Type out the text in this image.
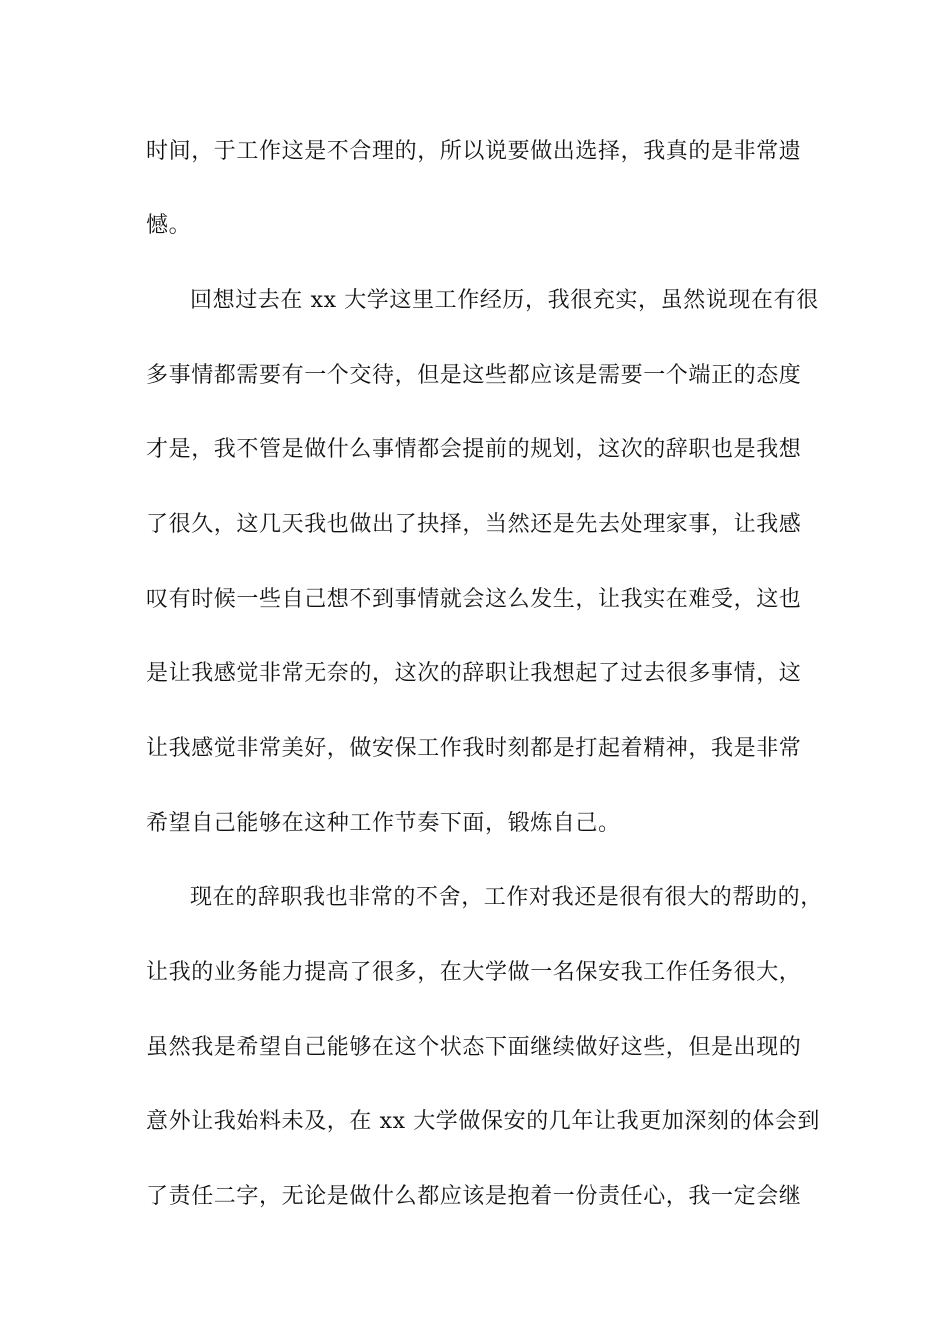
时间，于工作这是不合理的，所以说要做出选择，我真的是非常遗
憾。
回想过去在 xx 大学这里工作经历，我很充实，虽然说现在有很
多事情都需要有一个交待，但是这些都应该是需要一个端正的态度
才是，我不管是做什么事情都会提前的规划，这次的辞职也是我想
了很久，这几天我也做出了抉择，当然还是先去处理家事，让我感
叹有时候一些自己想不到事情就会这么发生，让我实在难受，这也
是让我感觉非常无奈的，这次的辞职让我想起了过去很多事情，这
让我感觉非常美好，做安保工作我时刻都是打起着精神，我是非常
希望自己能够在这种工作节奏下面，锻炼自己。
现在的辞职我也非常的不舍，工作对我还是很有很大的帮助的，
让我的业务能力提高了很多，在大学做一名保安我工作任务很大，
虽然我是希望自己能够在这个状态下面继续做好这些，但是出现的
意外让我始料未及，在 xx 大学做保安的几年让我更加深刻的体会到
了责任二字，无论是做什么都应该是抱着一份责任心，我一定会继
